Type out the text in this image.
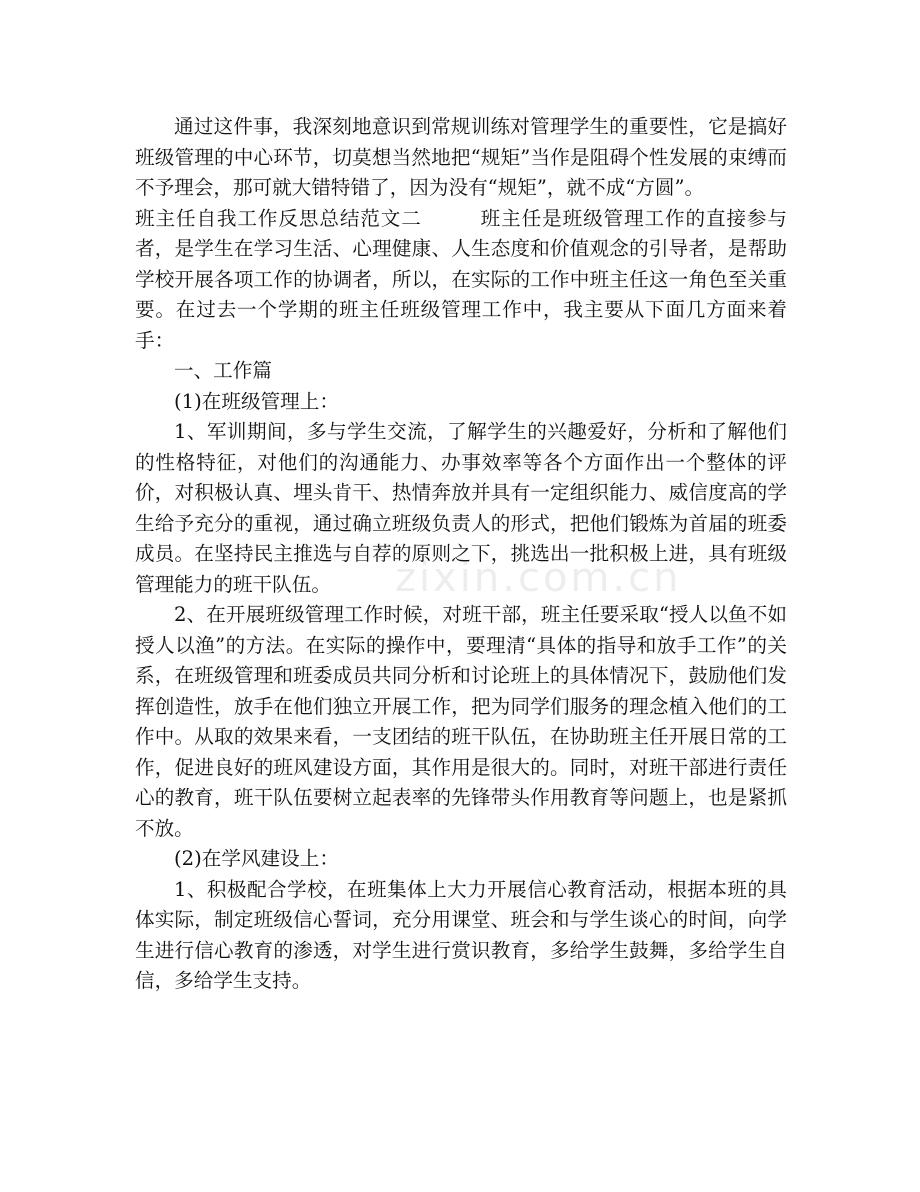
通过这件事，我深刻地意识到常规训练对管理学生的重要性，它是搞好班级管理的中心环节，切莫想当然地把“规矩”当作是阻碍个性发展的束缚而不予理会，那可就大错特错了，因为没有“规矩”，就不成“方圆”。

班主任自我工作反思总结范文二	班主任是班级管理工作的直接参与者，是学生在学习生活、心理健康、人生态度和价值观念的引导者，是帮助学校开展各项工作的协调者，所以，在实际的工作中班主任这一角色至关重要。在过去一个学期的班主任班级管理工作中，我主要从下面几方面来着手：

一、工作篇

(1)在班级管理上：

1、军训期间，多与学生交流，了解学生的兴趣爱好，分析和了解他们的性格特征，对他们的沟通能力、办事效率等各个方面作出一个整体的评价，对积极认真、埋头肯干、热情奔放并具有一定组织能力、威信度高的学生给予充分的重视，通过确立班级负责人的形式，把他们锻炼为首届的班委成员。在坚持民主推选与自荐的原则之下，挑选出一批积极上进，具有班级管理能力的班干队伍。

2、在开展班级管理工作时候，对班干部，班主任要采取“授人以鱼不如授人以渔”的方法。在实际的操作中，要理清“具体的指导和放手工作”的关系，在班级管理和班委成员共同分析和讨论班上的具体情况下，鼓励他们发挥创造性，放手在他们独立开展工作，把为同学们服务的理念植入他们的工作中。从取的效果来看，一支团结的班干队伍，在协助班主任开展日常的工作，促进良好的班风建设方面，其作用是很大的。同时，对班干部进行责任心的教育，班干队伍要树立起表率的先锋带头作用教育等问题上，也是紧抓不放。

(2)在学风建设上：

1、积极配合学校，在班集体上大力开展信心教育活动，根据本班的具体实际，制定班级信心誓词，充分用课堂、班会和与学生谈心的时间，向学生进行信心教育的渗透，对学生进行赏识教育，多给学生鼓舞，多给学生自信，多给学生支持。

zixin.com.cn
